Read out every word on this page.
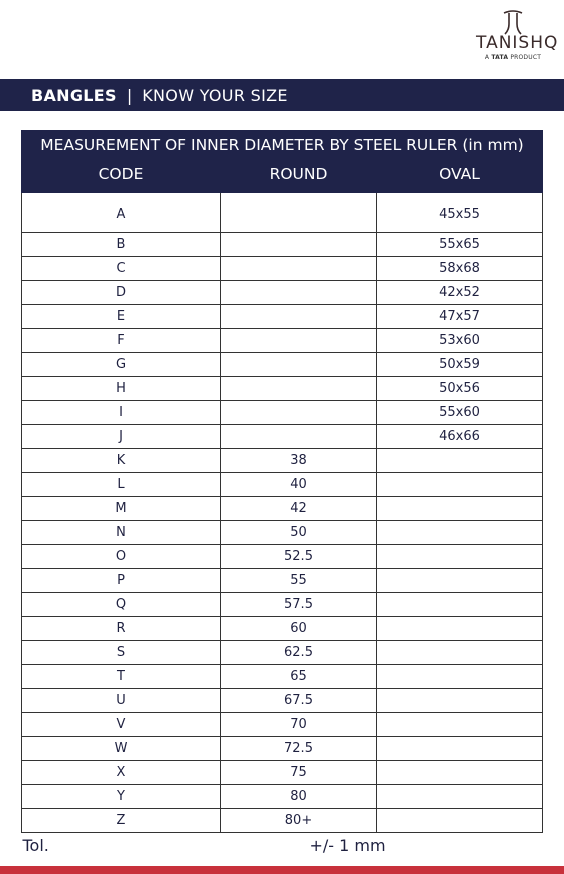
TANISHQ
A TATA PRODUCT
BANGLES | KNOW YOUR SIZE
MEASUREMENT OF INNER DIAMETER BY STEEL RULER (in mm)		
CODE	ROUND	OVAL
A		45x55
B		55x65
C		58x68
D		42x52
E		47x57
F		53x60
G		50x59
H		50x56
I		55x60
J		46x66
K	38	
L	40	
M	42	
N	50	
O	52.5	
P	55	
Q	57.5	
R	60	
S	62.5	
T	65	
U	67.5	
V	70	
W	72.5	
X	75	
Y	80	
Z	80+	
Tol.	+/- 1 mm	
